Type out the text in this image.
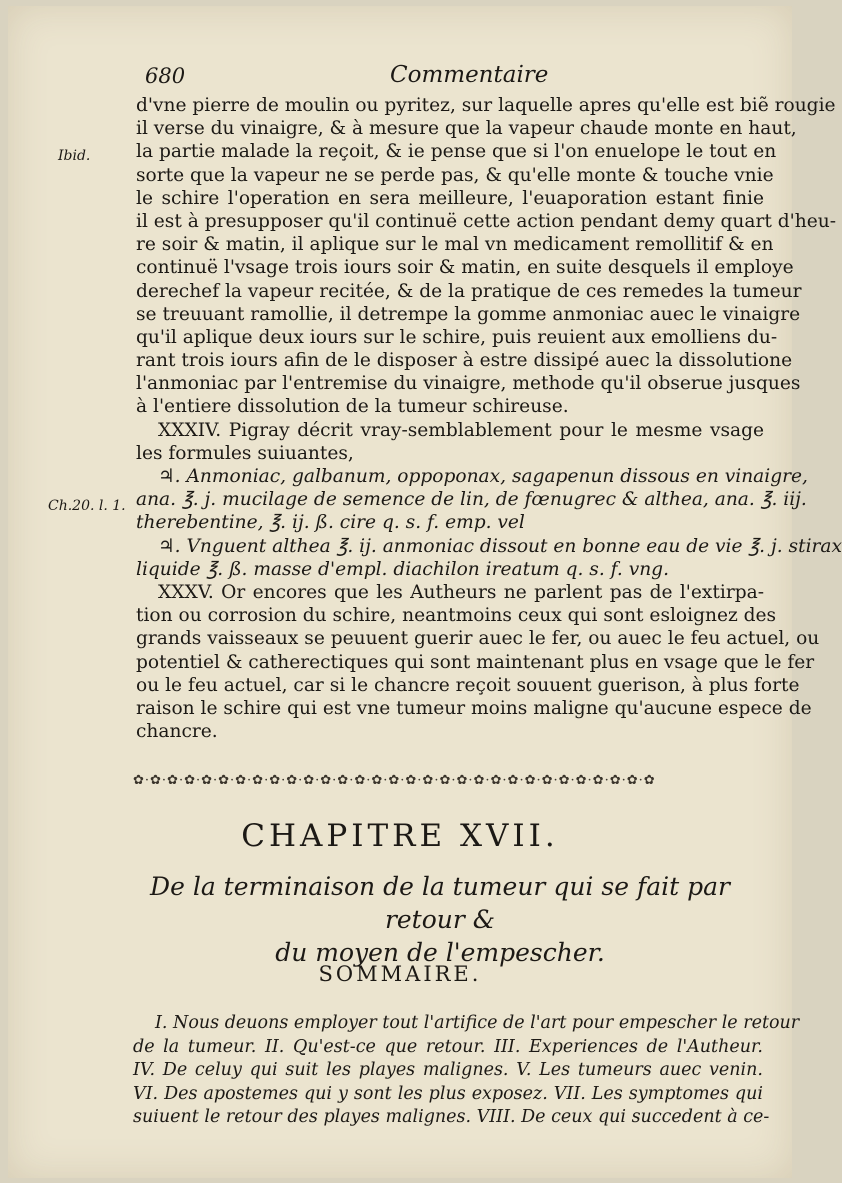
680	Commentaire
Ibid.
Ch.20. l. 1.
d'vne pierre de moulin ou pyritez, sur laquelle apres qu'elle est biẽ rougie
il verse du vinaigre, & à mesure que la vapeur chaude monte en haut,
la partie malade la reçoit, & ie pense que si l'on enuelope le tout en
sorte que la vapeur ne se perde pas, & qu'elle monte & touche vnie
le schire l'operation en sera meilleure, l'euaporation estant finie
il est à presupposer qu'il continuë cette action pendant demy quart d'heu-
re soir & matin, il aplique sur le mal vn medicament remollitif & en
continuë l'vsage trois iours soir & matin, en suite desquels il employe
derechef la vapeur recitée, & de la pratique de ces remedes la tumeur
se treuuant ramollie, il detrempe la gomme anmoniac auec le vinaigre
qu'il aplique deux iours sur le schire, puis reuient aux emolliens du-
rant trois iours afin de le disposer à estre dissipé auec la dissolutione
l'anmoniac par l'entremise du vinaigre, methode qu'il obserue jusques
à l'entiere dissolution de la tumeur schireuse.
XXXIV. Pigray décrit vray-semblablement pour le mesme vsage
les formules suiuantes,
♃. Anmoniac, galbanum, oppoponax, sagapenun dissous en vinaigre,
ana. ℥. j. mucilage de semence de lin, de fœnugrec & althea, ana. ℥. iij.
therebentine, ℥. ij. ß. cire q. s. f. emp. vel
♃. Vnguent althea ℥. ij. anmoniac dissout en bonne eau de vie ℥. j. stirax
liquide ℥. ß. masse d'empl. diachilon ireatum q. s. f. vng.
XXXV. Or encores que les Autheurs ne parlent pas de l'extirpa-
tion ou corrosion du schire, neantmoins ceux qui sont esloignez des
grands vaisseaux se peuuent guerir auec le fer, ou auec le feu actuel, ou
potentiel & catherectiques qui sont maintenant plus en vsage que le fer
ou le feu actuel, car si le chancre reçoit souuent guerison, à plus forte
raison le schire qui est vne tumeur moins maligne qu'aucune espece de
chancre.
✿·✿·✿·✿·✿·✿·✿·✿·✿·✿·✿·✿·✿·✿·✿·✿·✿·✿·✿·✿·✿·✿·✿·✿·✿·✿·✿·✿·✿·✿·✿
CHAPITRE XVII.
De la terminaison de la tumeur qui se fait par retour &
du moyen de l'empescher.
SOMMAIRE.
I. Nous deuons employer tout l'artifice de l'art pour empescher le retour
de la tumeur. II. Qu'est-ce que retour. III. Experiences de l'Autheur.
IV. De celuy qui suit les playes malignes. V. Les tumeurs auec venin.
VI. Des apostemes qui y sont les plus exposez. VII. Les symptomes qui
suiuent le retour des playes malignes. VIII. De ceux qui succedent à ce-
